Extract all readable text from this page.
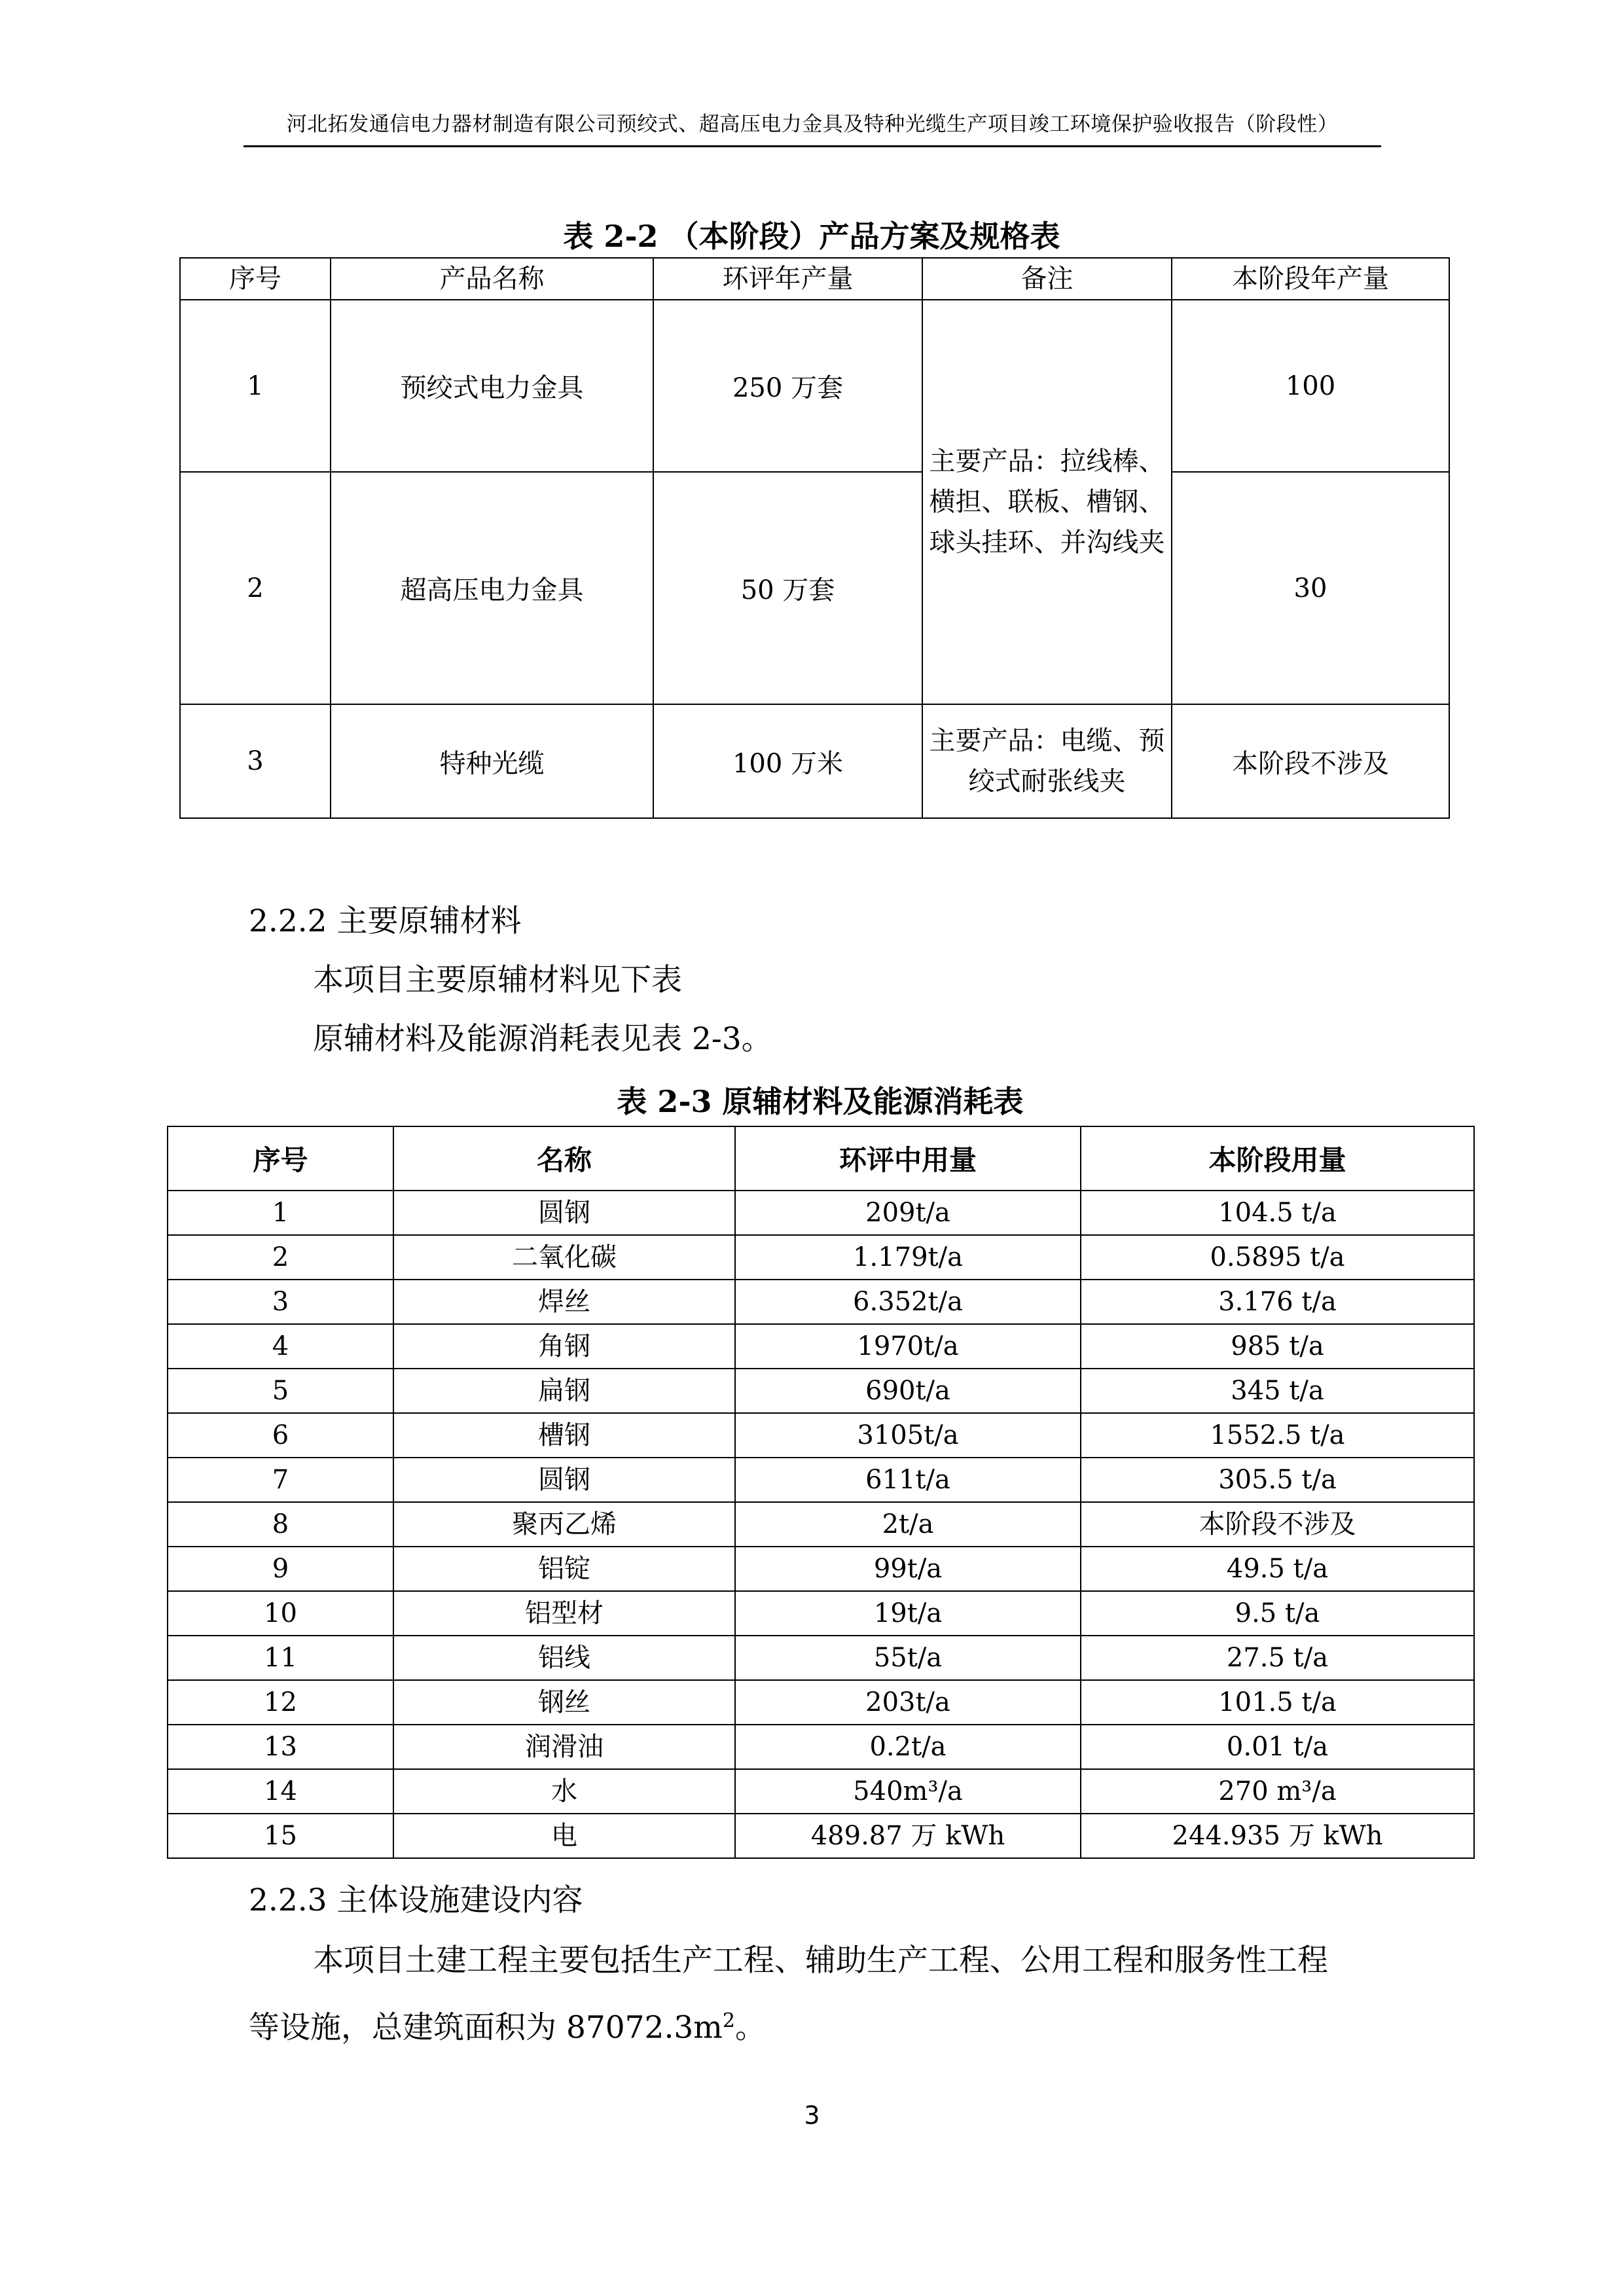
河北拓发通信电力器材制造有限公司预绞式、超高压电力金具及特种光缆生产项目竣工环境保护验收报告（阶段性）
表 2-2 （本阶段）产品方案及规格表
序号	产品名称	环评年产量	备注	本阶段年产量
1	预绞式电力金具	250 万套	主要产品：拉线棒、横担、联板、槽钢、球头挂环、并沟线夹	100
2	超高压电力金具	50 万套		30
3	特种光缆	100 万米	主要产品：电缆、预绞式耐张线夹	本阶段不涉及
2.2.2 主要原辅材料
本项目主要原辅材料见下表
原辅材料及能源消耗表见表 2-3。
表 2-3 原辅材料及能源消耗表
序号	名称	环评中用量	本阶段用量
1	圆钢	209t/a	104.5 t/a
2	二氧化碳	1.179t/a	0.5895 t/a
3	焊丝	6.352t/a	3.176 t/a
4	角钢	1970t/a	985 t/a
5	扁钢	690t/a	345 t/a
6	槽钢	3105t/a	1552.5 t/a
7	圆钢	611t/a	305.5 t/a
8	聚丙乙烯	2t/a	本阶段不涉及
9	铝锭	99t/a	49.5 t/a
10	铝型材	19t/a	9.5 t/a
11	铝线	55t/a	27.5 t/a
12	钢丝	203t/a	101.5 t/a
13	润滑油	0.2t/a	0.01 t/a
14	水	540m³/a	270 m³/a
15	电	489.87 万 kWh	244.935 万 kWh
2.2.3 主体设施建设内容
本项目土建工程主要包括生产工程、辅助生产工程、公用工程和服务性工程
等设施，总建筑面积为 $87072.3m^2$。
3
